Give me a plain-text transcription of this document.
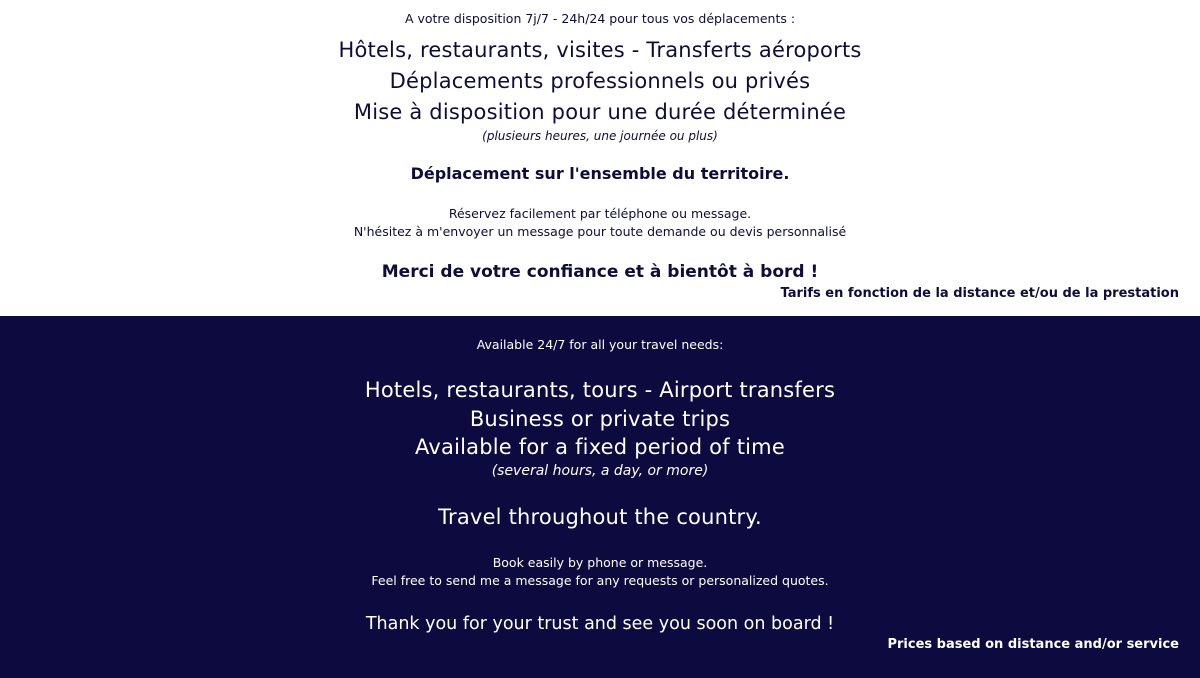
A votre disposition 7j/7 - 24h/24 pour tous vos déplacements :
Hôtels, restaurants, visites - Transferts aéroports
Déplacements professionnels ou privés
Mise à disposition pour une durée déterminée
(plusieurs heures, une journée ou plus)
Déplacement sur l'ensemble du territoire.
Réservez facilement par téléphone ou message.
N'hésitez à m'envoyer un message pour toute demande ou devis personnalisé
Merci de votre confiance et à bientôt à bord !
Tarifs en fonction de la distance et/ou de la prestation
Available 24/7 for all your travel needs:
Hotels, restaurants, tours - Airport transfers
Business or private trips
Available for a fixed period of time
(several hours, a day, or more)
Travel throughout the country.
Book easily by phone or message.
Feel free to send me a message for any requests or personalized quotes.
Thank you for your trust and see you soon on board !
Prices based on distance and/or service
